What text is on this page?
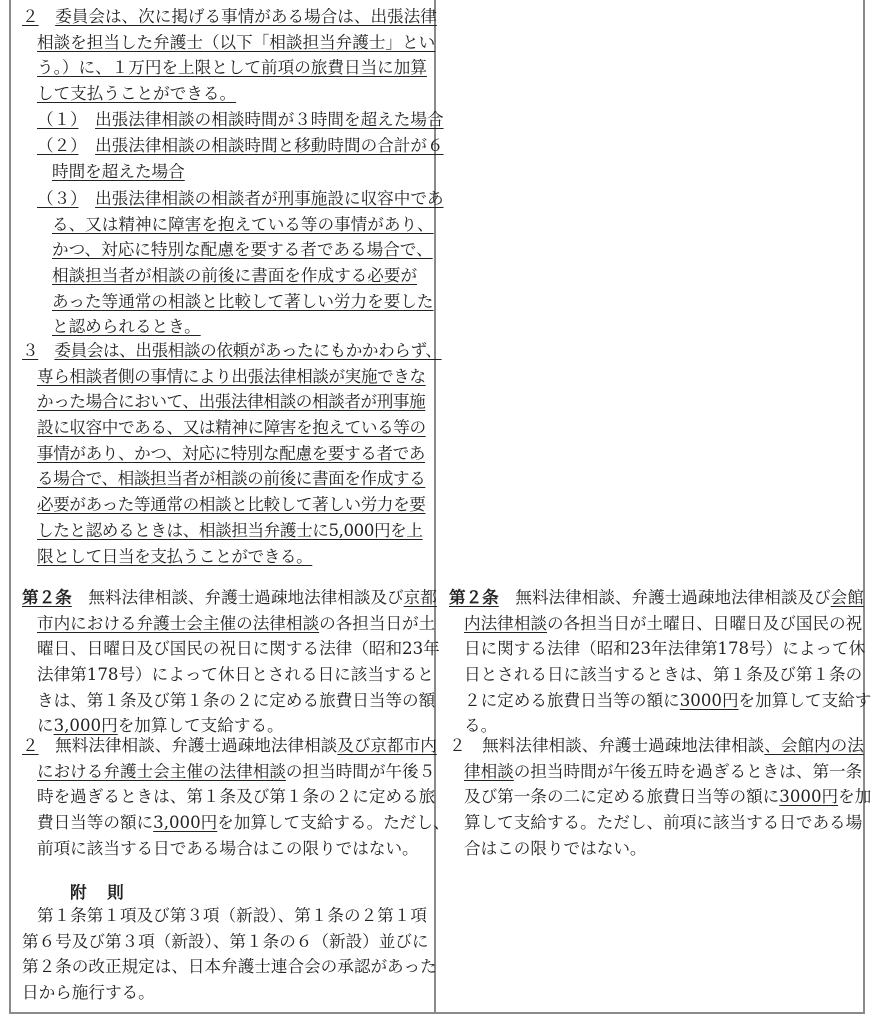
２　 委員会は、次に掲げる事情がある場合は、出張法律
相談を担当した弁護士（以下「相談担当弁護士」とい
う。）に、１万円を上限として前項の旅費日当に加算
して支払うことができる。
（１）　 出張法律相談の相談時間が３時間を超えた場合
（２）　 出張法律相談の相談時間と移動時間の合計が６
時間を超えた場合
（３）　 出張法律相談の相談者が刑事施設に収容中であ
る、又は精神に障害を抱えている等の事情があり、
かつ、対応に特別な配慮を要する者である場合で、
相談担当者が相談の前後に書面を作成する必要が
あった等通常の相談と比較して著しい労力を要した
と認められるとき。
３　 委員会は、出張相談の依頼があったにもかかわらず、
専ら相談者側の事情により出張法律相談が実施できな
かった場合において、出張法律相談の相談者が刑事施
設に収容中である、又は精神に障害を抱えている等の
事情があり、かつ、対応に特別な配慮を要する者であ
る場合で、相談担当者が相談の前後に書面を作成する
必要があった等通常の相談と比較して著しい労力を要
したと認めるときは、相談担当弁護士に5,000円を上
限として日当を支払うことができる。
第２条　無料法律相談、弁護士過疎地法律相談及び京都
市内における弁護士会主催の法律相談の各担当日が土
曜日、日曜日及び国民の祝日に関する法律（昭和23年
法律第178号）によって休日とされる日に該当すると
きは、第１条及び第１条の２に定める旅費日当等の額
に3,000円を加算して支給する。
２　無料法律相談、弁護士過疎地法律相談及び京都市内
における弁護士会主催の法律相談の担当時間が午後５
時を過ぎるときは、第１条及び第１条の２に定める旅
費日当等の額に3,000円を加算して支給する。ただし、
前項に該当する日である場合はこの限りではない。
附　則
第１条第１項及び第３項（新設）、第１条の２第１項
第６号及び第３項（新設）、第１条の６（新設）並びに
第２条の改正規定は、日本弁護士連合会の承認があった
日から施行する。
第２条　無料法律相談、弁護士過疎地法律相談及び会館
内法律相談の各担当日が土曜日、日曜日及び国民の祝
日に関する法律（昭和23年法律第178号）によって休
日とされる日に該当するときは、第１条及び第１条の
２に定める旅費日当等の額に3000円を加算して支給す
る。
２　無料法律相談、弁護士過疎地法律相談、会館内の法
律相談の担当時間が午後五時を過ぎるときは、第一条
及び第一条の二に定める旅費日当等の額に3000円を加
算して支給する。ただし、前項に該当する日である場
合はこの限りではない。
